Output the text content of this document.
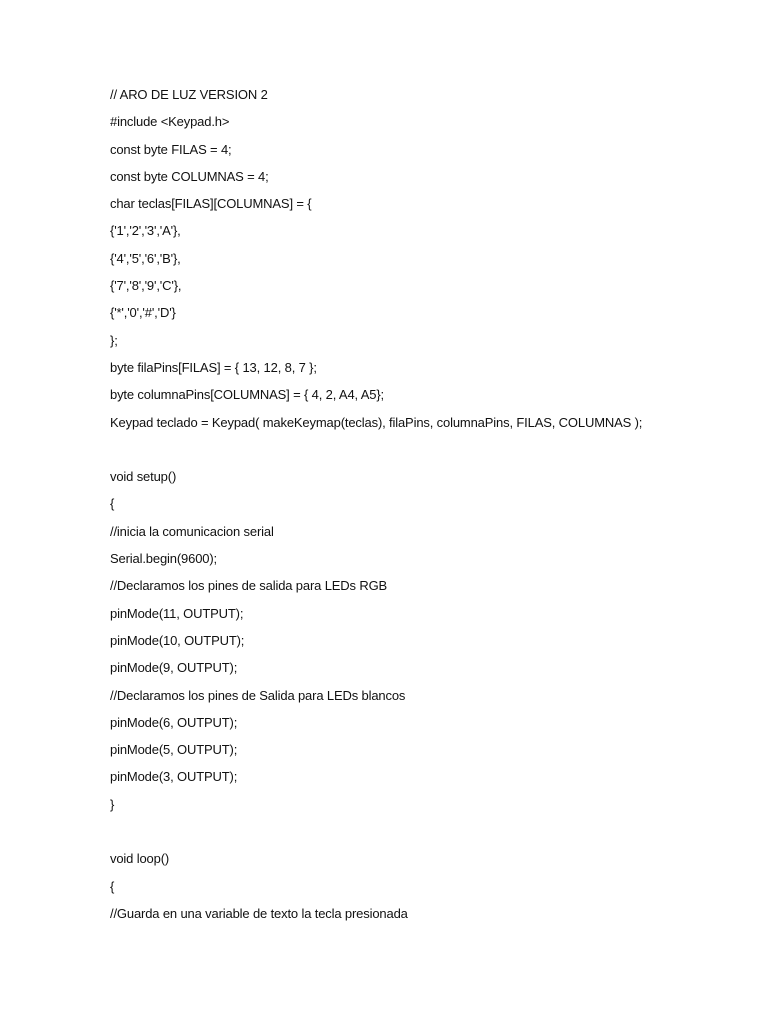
// ARO DE LUZ VERSION 2
#include <Keypad.h>
const byte FILAS = 4;
const byte COLUMNAS = 4;
char teclas[FILAS][COLUMNAS] = {
{'1','2','3','A'},
{'4','5','6','B'},
{'7','8','9','C'},
{'*','0','#','D'}
};
byte filaPins[FILAS] = { 13, 12, 8, 7 };
byte columnaPins[COLUMNAS] = { 4, 2, A4, A5};
Keypad teclado = Keypad( makeKeymap(teclas), filaPins, columnaPins, FILAS, COLUMNAS );
void setup()
{
//inicia la comunicacion serial
Serial.begin(9600);
//Declaramos los pines de salida para LEDs RGB
pinMode(11, OUTPUT);
pinMode(10, OUTPUT);
pinMode(9, OUTPUT);
//Declaramos los pines de Salida para LEDs blancos
pinMode(6, OUTPUT);
pinMode(5, OUTPUT);
pinMode(3, OUTPUT);
}
void loop()
{
//Guarda en una variable de texto la tecla presionada
